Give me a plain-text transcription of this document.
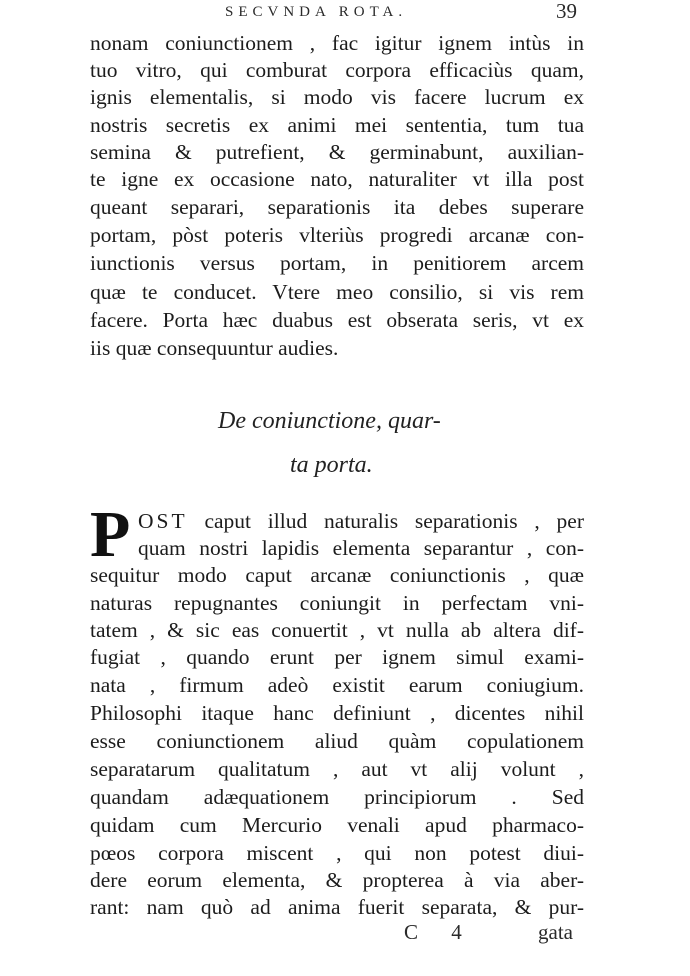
SECVNDA ROTA.	39
nonam coniunctionem , fac igitur ignem intùs in
tuo vitro, qui comburat corpora efficaciùs quam,
ignis elementalis, si modo vis facere lucrum ex
nostris secretis ex animi mei sententia, tum tua
semina & putrefient, & germinabunt, auxilian-
te igne ex occasione nato, naturaliter vt illa post
queant separari, separationis ita debes superare
portam, pòst poteris vlteriùs progredi arcanæ con-
iunctionis versus portam, in penitiorem arcem
quæ te conducet. Vtere meo consilio, si vis rem
facere. Porta hæc duabus est obserata seris, vt ex
iis quæ consequuntur audies.
De coniunctione, quar-
ta porta.
P OST caput illud naturalis separationis , per
quam nostri lapidis elementa separantur , con-
sequitur modo caput arcanæ coniunctionis , quæ
naturas repugnantes coniungit in perfectam vni-
tatem , & sic eas conuertit , vt nulla ab altera dif-
fugiat , quando erunt per ignem simul exami-
nata , firmum adeò existit earum coniugium.
Philosophi itaque hanc definiunt , dicentes nihil
esse coniunctionem aliud quàm copulationem
separatarum qualitatum , aut vt alij volunt ,
quandam adæquationem principiorum . Sed
quidam cum Mercurio venali apud pharmaco-
pœos corpora miscent , qui non potest diui-
dere eorum elementa, & propterea à via aber-
rant: nam quò ad anima fuerit separata, & pur-
C 4	gata
